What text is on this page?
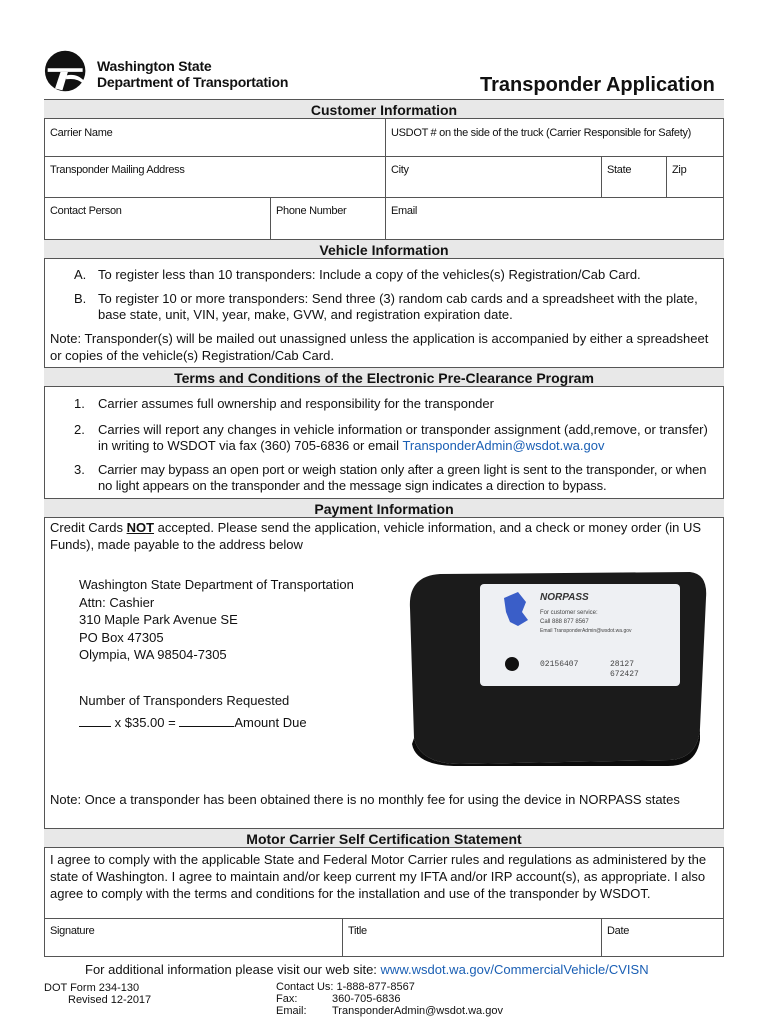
Washington State
Department of Transportation	Transponder Application
Customer Information
Carrier Name	USDOT # on the side of the truck (Carrier Responsible for Safety)
Transponder Mailing Address	City	State	Zip
Contact Person	Phone Number	Email
Vehicle Information
A. To register less than 10 transponders: Include a copy of the vehicles(s) Registration/Cab Card.
B. To register 10 or more transponders: Send three (3) random cab cards and a spreadsheet with the plate, base state, unit, VIN, year, make, GVW, and registration expiration date.
Note: Transponder(s) will be mailed out unassigned unless the application is accompanied by either a spreadsheet or copies of the vehicle(s) Registration/Cab Card.
Terms and Conditions of the Electronic Pre-Clearance Program
1. Carrier assumes full ownership and responsibility for the transponder
2. Carries will report any changes in vehicle information or transponder assignment (add,remove, or transfer) in writing to WSDOT via fax (360) 705-6836 or email TransponderAdmin@wsdot.wa.gov
3. Carrier may bypass an open port or weigh station only after a green light is sent to the transponder, or when no light appears on the transponder and the message sign indicates a direction to bypass.
Payment Information
Credit Cards NOT accepted. Please send the application, vehicle information, and a check or money order (in US Funds), made payable to the address below
Washington State Department of Transportation
Attn: Cashier
310 Maple Park Avenue SE
PO Box 47305
Olympia, WA 98504-7305
Number of Transponders Requested
x $35.00 =	Amount Due
NORPASS
For customer service:
Call 888 877 8567
Email TransponderAdmin@wsdot.wa.gov
02156407	28127
672427
Note: Once a transponder has been obtained there is no monthly fee for using the device in NORPASS states
Motor Carrier Self Certification Statement
I agree to comply with the applicable State and Federal Motor Carrier rules and regulations as administered by the state of Washington. I agree to maintain and/or keep current my IFTA and/or IRP account(s), as appropriate. I also agree to comply with the terms and conditions for the installation and use of the transponder by WSDOT.
Signature	Title	Date
For additional information please visit our web site: www.wsdot.wa.gov/CommercialVehicle/CVISN
DOT Form 234-130
Revised 12-2017
Contact Us: 1-888-877-8567
Fax:	360-705-6836
Email: TransponderAdmin@wsdot.wa.gov
